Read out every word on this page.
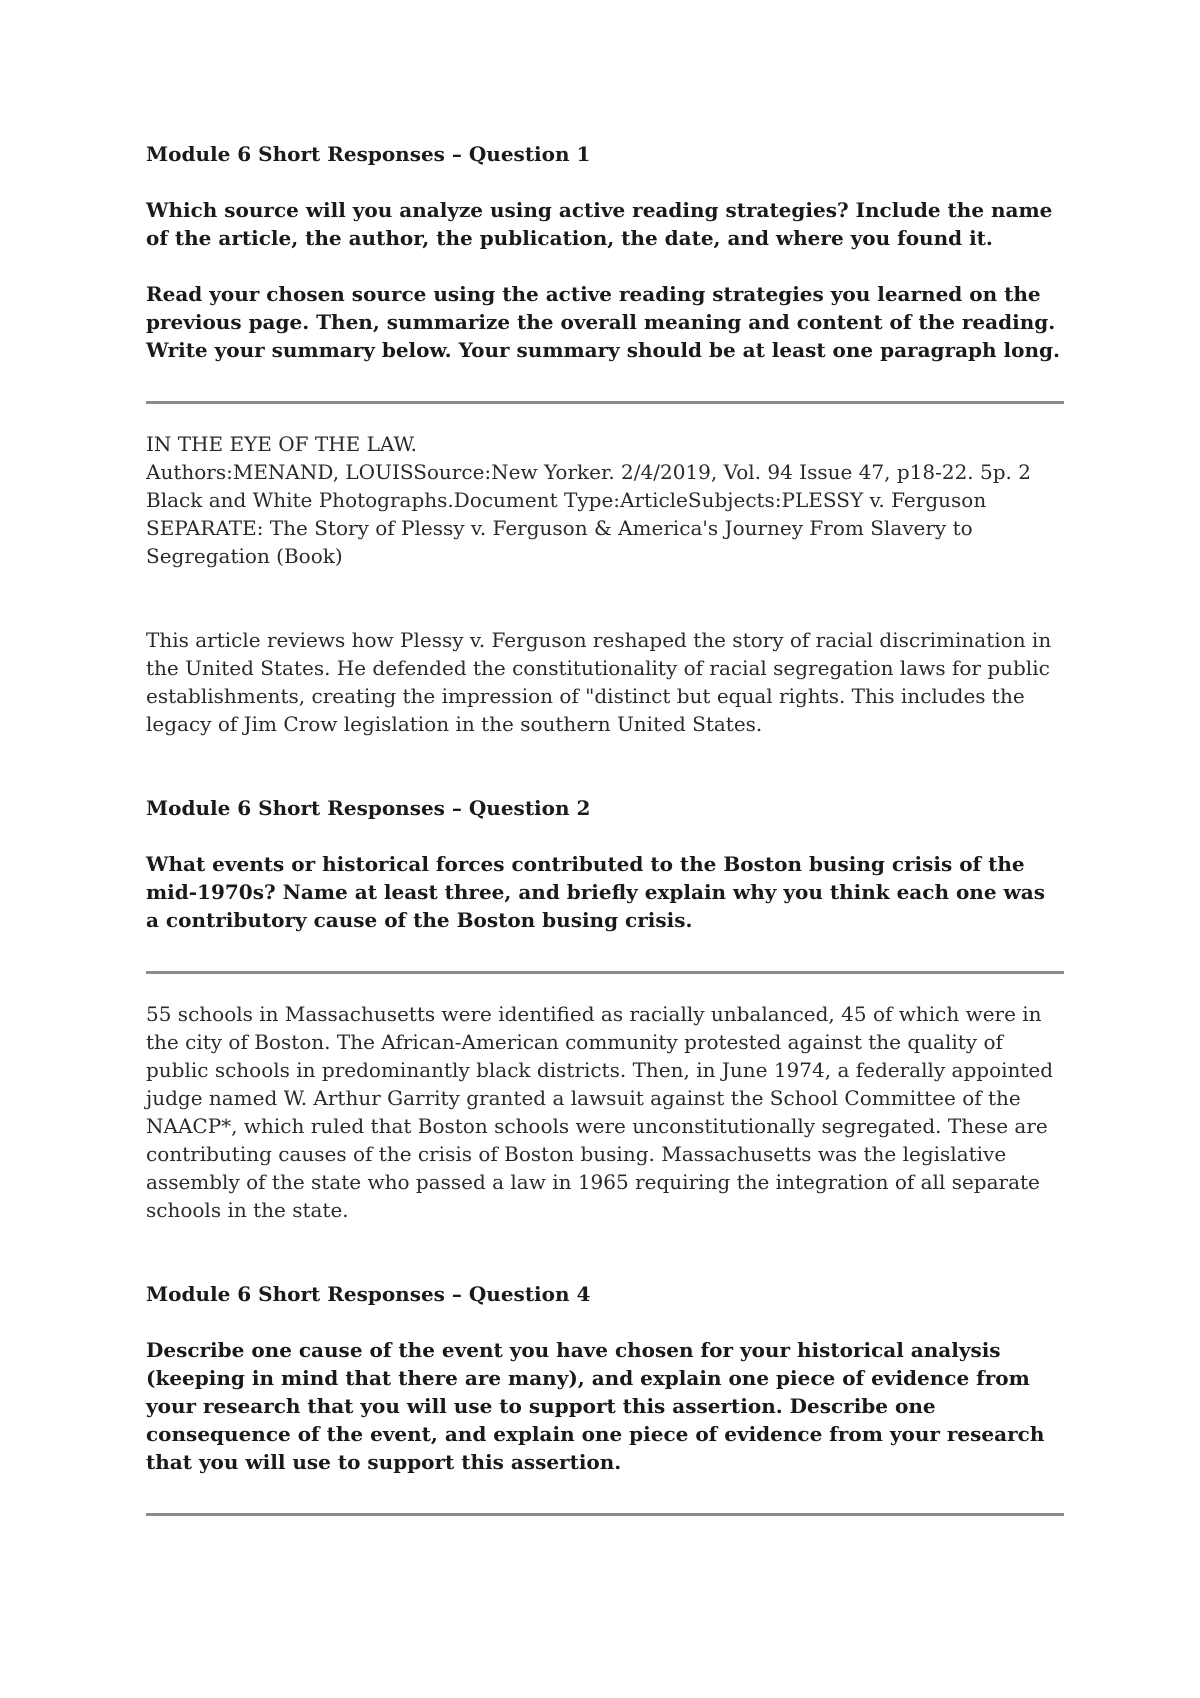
Module 6 Short Responses – Question 1

Which source will you analyze using active reading strategies? Include the name of the article, the author, the publication, the date, and where you found it.

Read your chosen source using the active reading strategies you learned on the previous page. Then, summarize the overall meaning and content of the reading. Write your summary below. Your summary should be at least one paragraph long.

IN THE EYE OF THE LAW.
Authors:MENAND, LOUISSource:New Yorker. 2/4/2019, Vol. 94 Issue 47, p18-22. 5p. 2 Black and White Photographs.Document Type:ArticleSubjects:PLESSY v. Ferguson SEPARATE: The Story of Plessy v. Ferguson & America's Journey From Slavery to Segregation (Book)

This article reviews how Plessy v. Ferguson reshaped the story of racial discrimination in the United States. He defended the constitutionality of racial segregation laws for public establishments, creating the impression of "distinct but equal rights. This includes the legacy of Jim Crow legislation in the southern United States.

Module 6 Short Responses – Question 2

What events or historical forces contributed to the Boston busing crisis of the mid-1970s? Name at least three, and briefly explain why you think each one was a contributory cause of the Boston busing crisis.

55 schools in Massachusetts were identified as racially unbalanced, 45 of which were in the city of Boston. The African-American community protested against the quality of public schools in predominantly black districts. Then, in June 1974, a federally appointed judge named W. Arthur Garrity granted a lawsuit against the School Committee of the NAACP*, which ruled that Boston schools were unconstitutionally segregated. These are contributing causes of the crisis of Boston busing. Massachusetts was the legislative assembly of the state who passed a law in 1965 requiring the integration of all separate schools in the state.

Module 6 Short Responses – Question 4

Describe one cause of the event you have chosen for your historical analysis (keeping in mind that there are many), and explain one piece of evidence from your research that you will use to support this assertion. Describe one consequence of the event, and explain one piece of evidence from your research that you will use to support this assertion.
